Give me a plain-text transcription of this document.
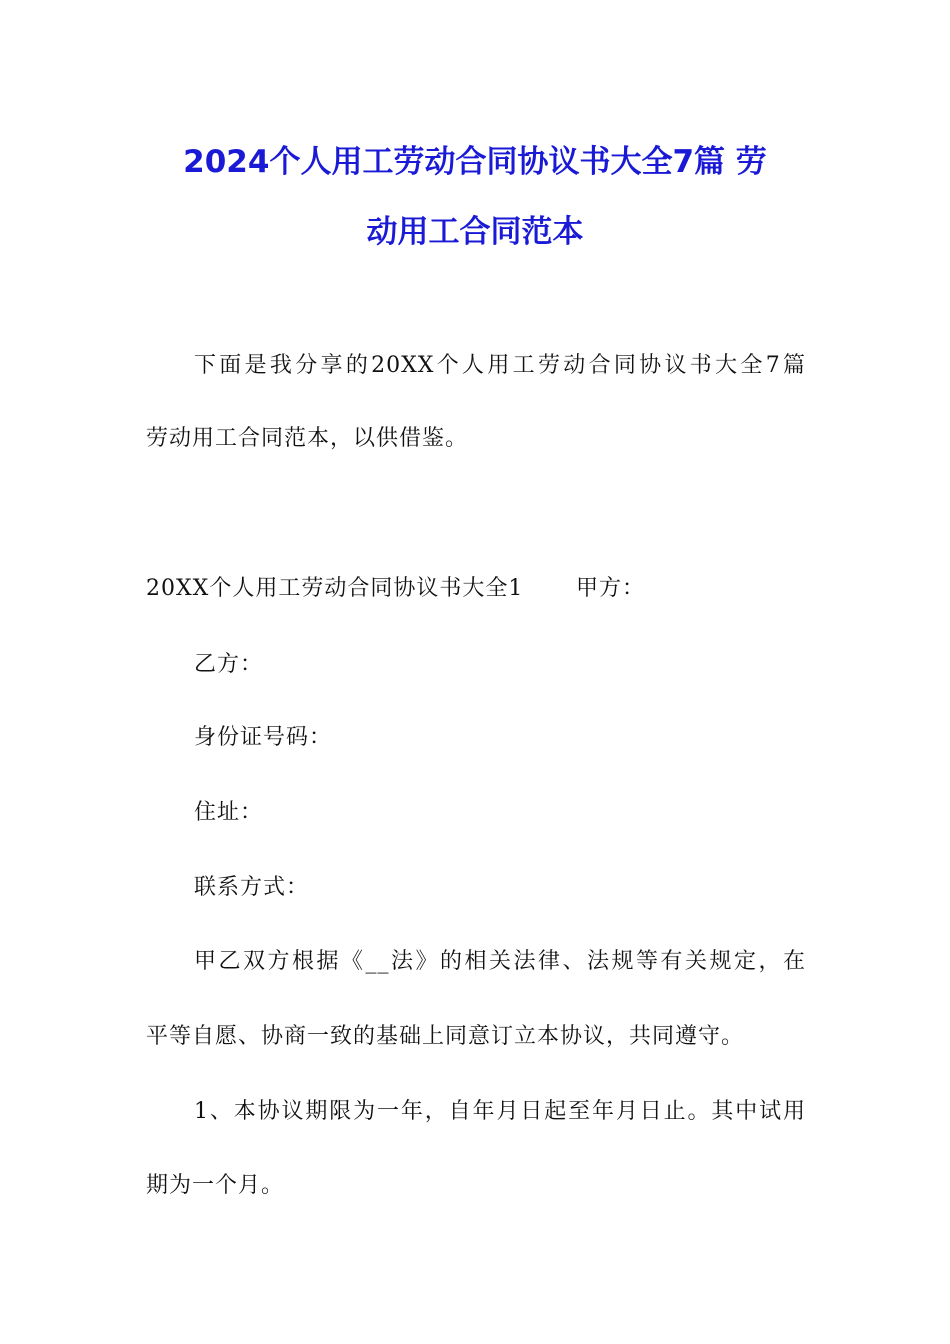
2024个人用工劳动合同协议书大全7篇 劳
动用工合同范本
下面是我分享的20XX个人用工劳动合同协议书大全7篇
劳动用工合同范本，以供借鉴。
20XX个人用工劳动合同协议书大全1 甲方：
乙方：
身份证号码：
住址：
联系方式：
甲乙双方根据《__法》的相关法律、法规等有关规定，在
平等自愿、协商一致的基础上同意订立本协议，共同遵守。
1、本协议期限为一年，自年月日起至年月日止。其中试用
期为一个月。
